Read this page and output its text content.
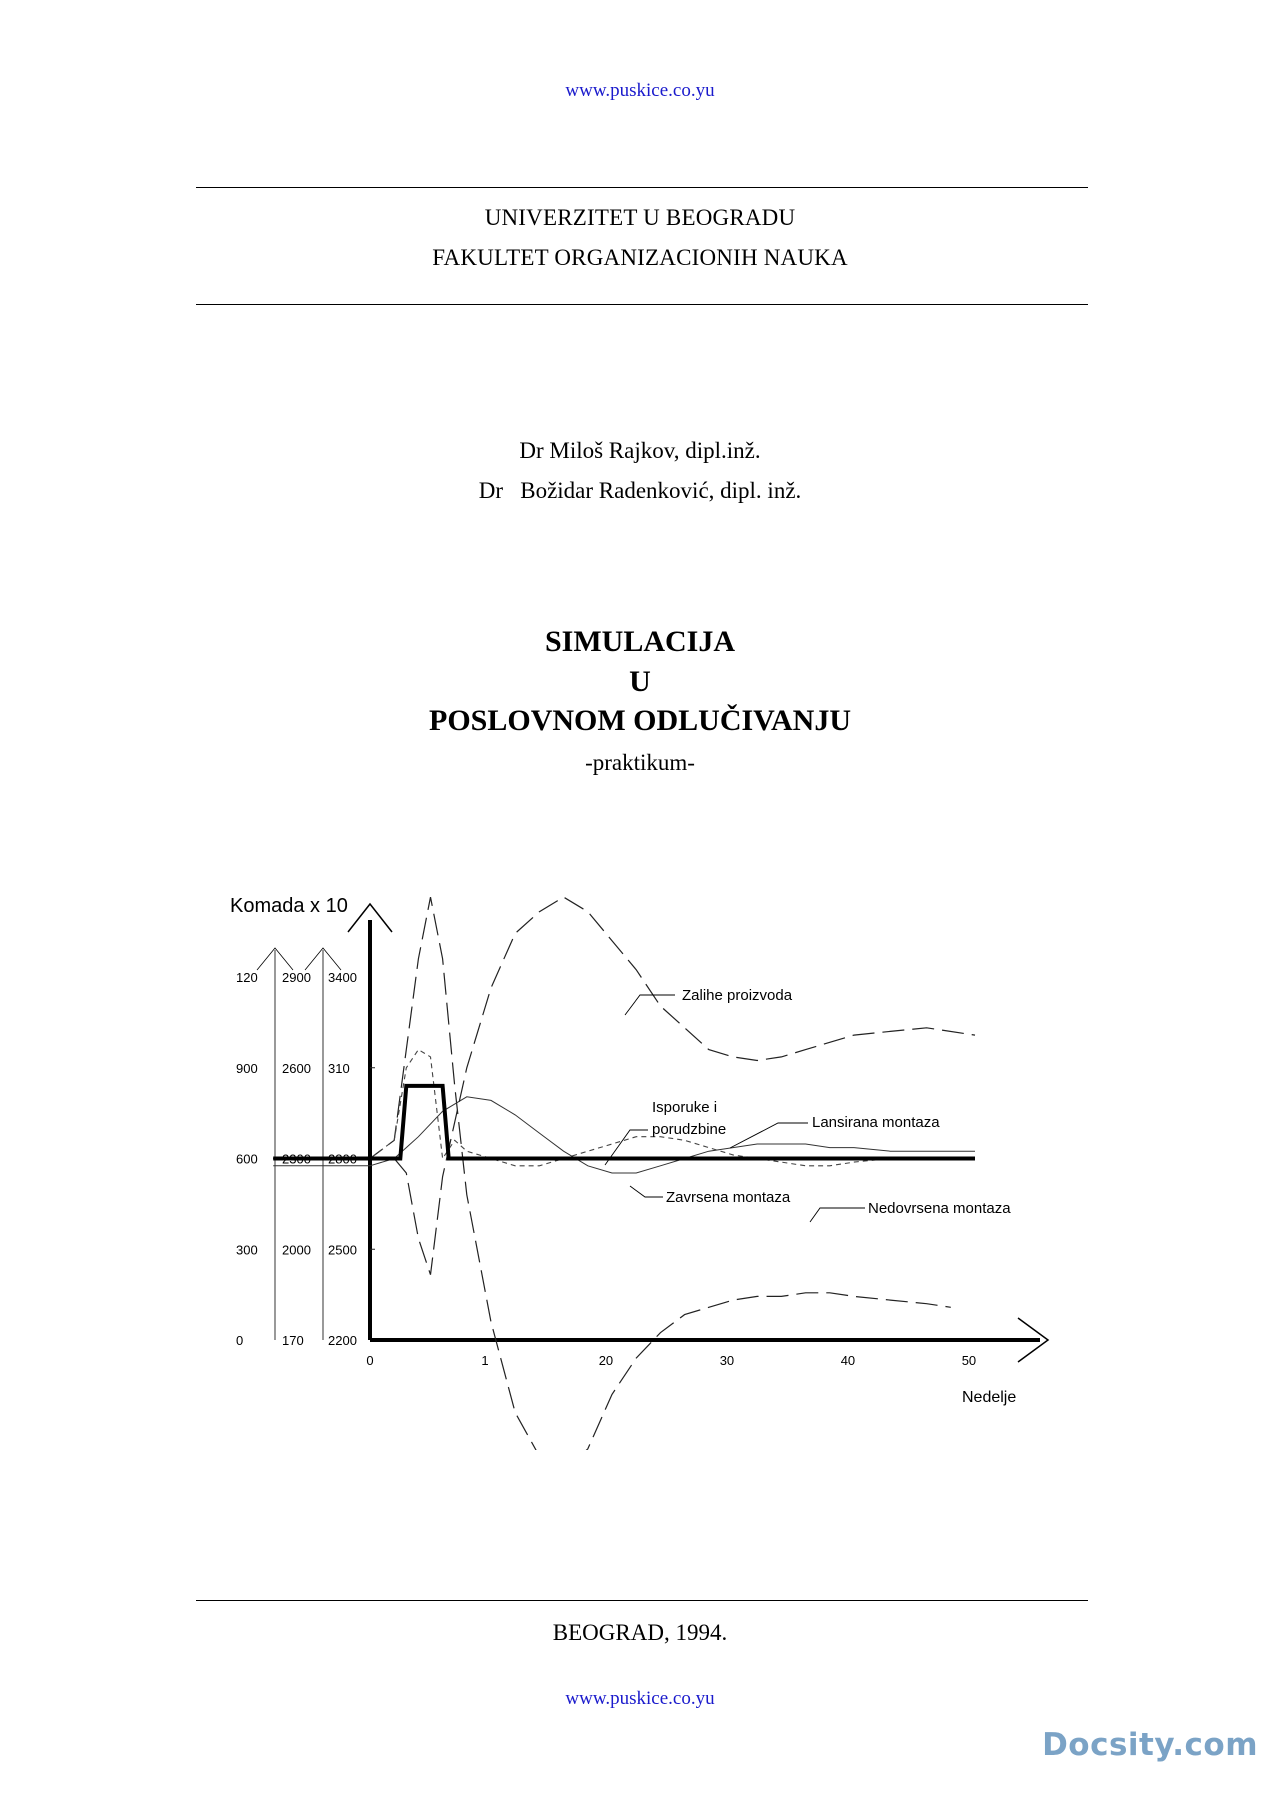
www.puskice.co.yu
UNIVERZITET U BEOGRADU
FAKULTET ORGANIZACIONIH NAUKA
Dr Miloš Rajkov, dipl.inž.
Dr   Božidar Radenković, dipl. inž.
SIMULACIJA
U
POSLOVNOM ODLUČIVANJU
-praktikum-
Komada x 10
0
300
600
900
120
170
2000
2300
2600
2900
2200
2500
2800
310
3400
0	1	20	30	40	50
Zalihe proizvoda
Isporuke i
porudzbine	Lansirana montaza
Zavrsena montaza
Nedovrsena montaza
Nedelje
BEOGRAD, 1994.
www.puskice.co.yu
Docsity.com
